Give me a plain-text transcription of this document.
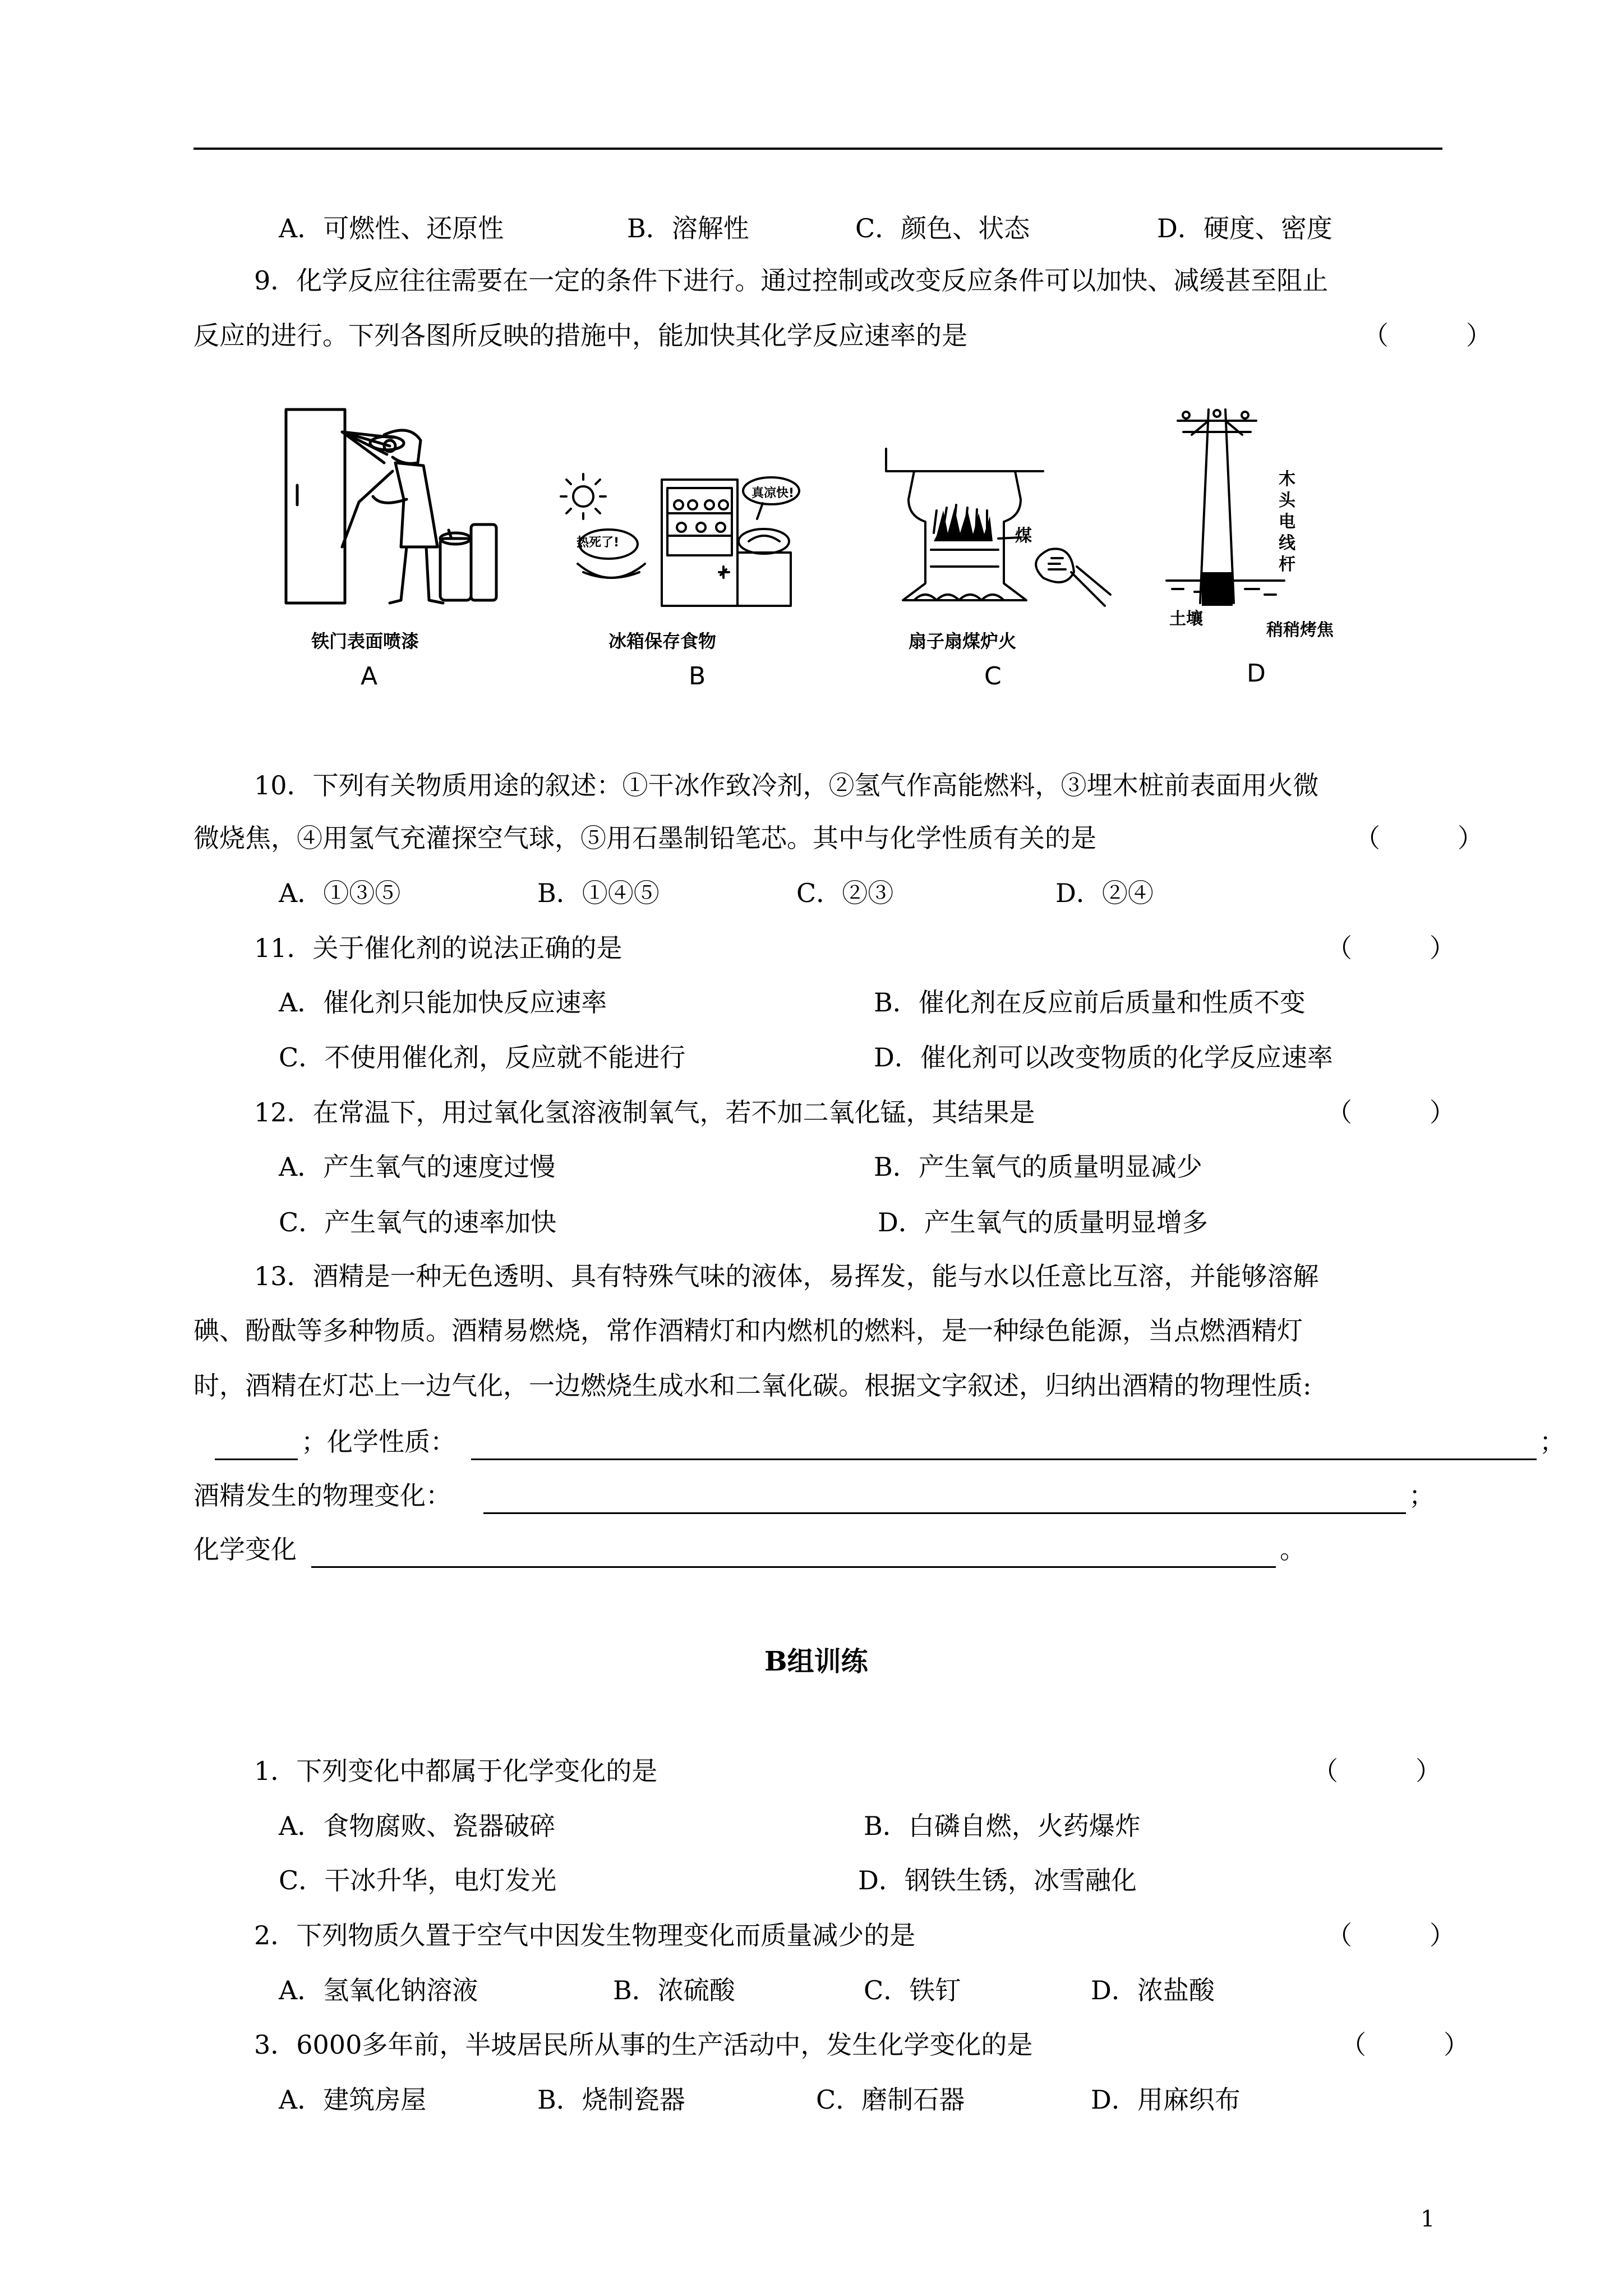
A．可燃性、还原性	B．溶解性	C．颜色、状态	D．硬度、密度
9．化学反应往往需要在一定的条件下进行。通过控制或改变反应条件可以加快、减缓甚至阻止
反应的进行。下列各图所反映的措施中，能加快其化学反应速率的是	（　　　）
铁门表面喷漆
A
热死了!
真凉快!
冰箱保存食物
B
煤
扇子扇煤炉火
C
木头电线杆
土壤
稍稍烤焦
D
10．下列有关物质用途的叙述：①干冰作致冷剂，②氢气作高能燃料，③埋木桩前表面用火微
微烧焦，④用氢气充灌探空气球，⑤用石墨制铅笔芯。其中与化学性质有关的是	（　　　）
A．①③⑤	B．①④⑤	C．②③	D．②④
11．关于催化剂的说法正确的是	（　　　）
A．催化剂只能加快反应速率	B．催化剂在反应前后质量和性质不变
C．不使用催化剂，反应就不能进行	D．催化剂可以改变物质的化学反应速率
12．在常温下，用过氧化氢溶液制氧气，若不加二氧化锰，其结果是	（　　　）
A．产生氧气的速度过慢	B．产生氧气的质量明显减少
C．产生氧气的速率加快	D．产生氧气的质量明显增多
13．酒精是一种无色透明、具有特殊气味的液体，易挥发，能与水以任意比互溶，并能够溶解
碘、酚酞等多种物质。酒精易燃烧，常作酒精灯和内燃机的燃料，是一种绿色能源，当点燃酒精灯
时，酒精在灯芯上一边气化，一边燃烧生成水和二氧化碳。根据文字叙述，归纳出酒精的物理性质:
；化学性质：	；
酒精发生的物理变化：	；
化学变化	。
B组训练
1．下列变化中都属于化学变化的是	（　　　）
A．食物腐败、瓷器破碎	B．白磷自燃，火药爆炸
C．干冰升华，电灯发光	D．钢铁生锈，冰雪融化
2．下列物质久置于空气中因发生物理变化而质量减少的是	（　　　）
A．氢氧化钠溶液	B．浓硫酸	C．铁钉	D．浓盐酸
3．6000多年前，半坡居民所从事的生产活动中，发生化学变化的是	（　　　）
A．建筑房屋	B．烧制瓷器	C．磨制石器	D．用麻织布
1
